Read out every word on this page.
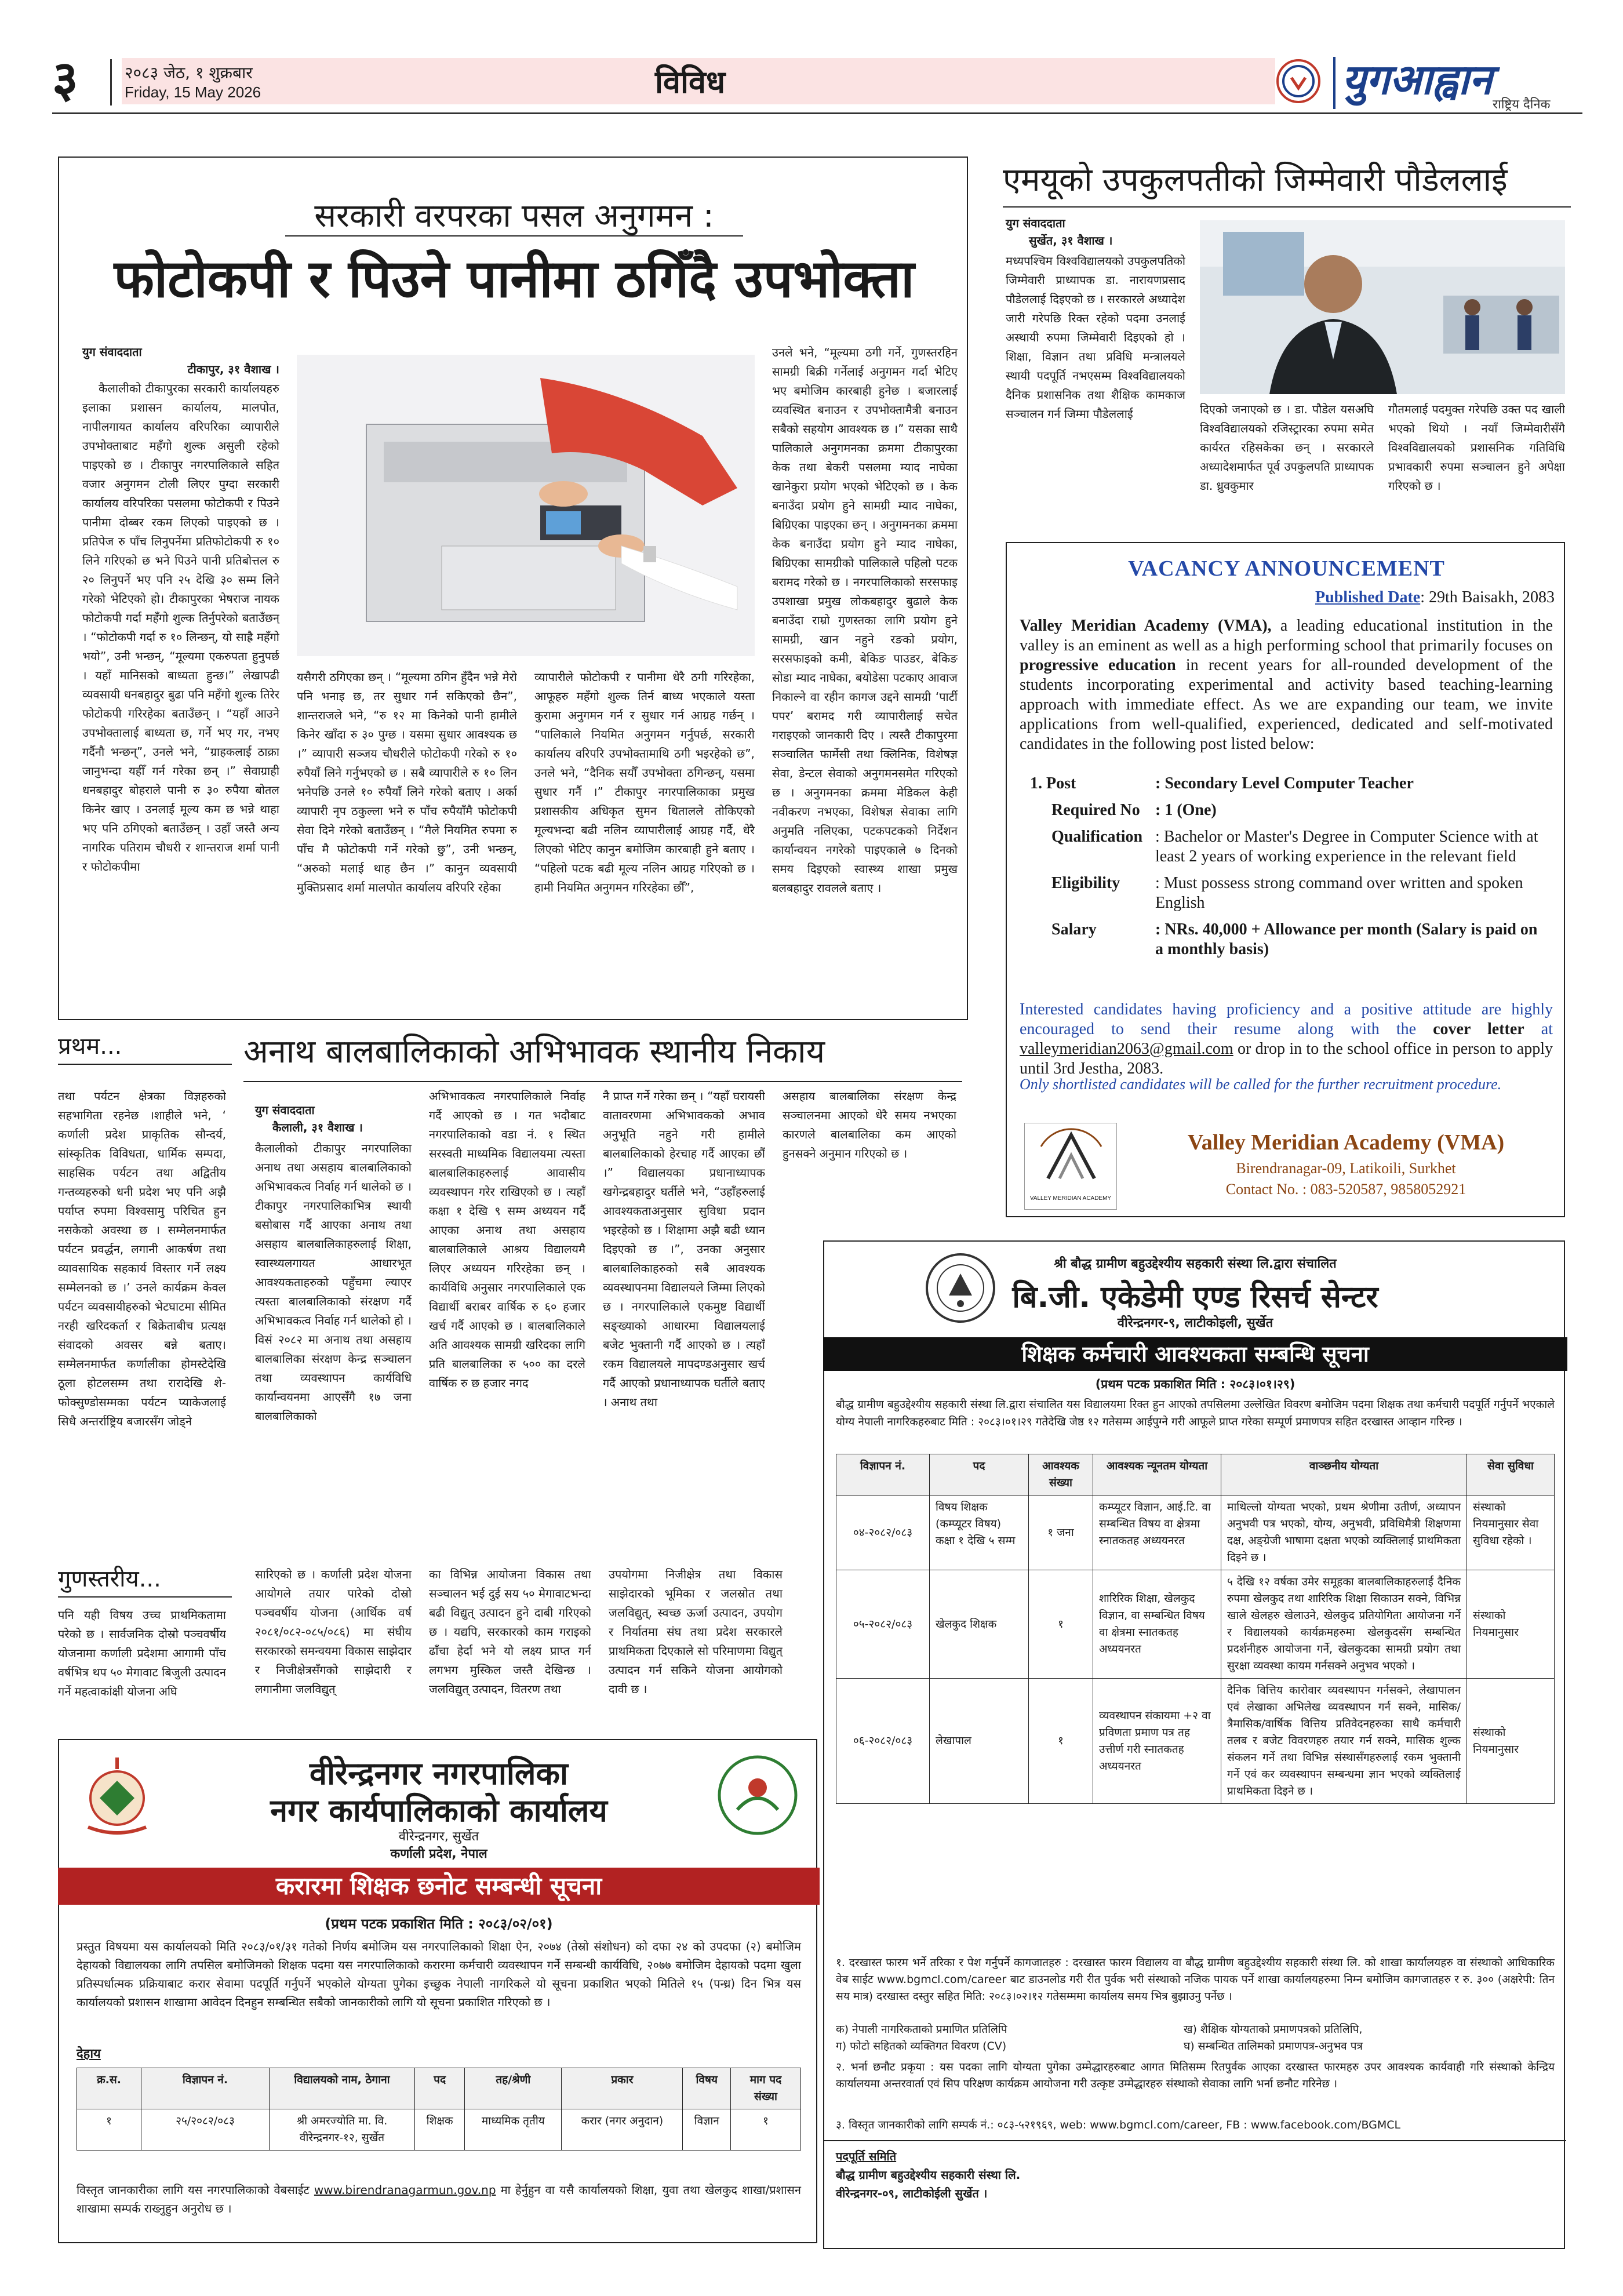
३	२०८३ जेठ, १ शुक्रबार
Friday, 15 May 2026	विविध	युगआह्वान
राष्ट्रिय दैनिक
सरकारी वरपरका पसल अनुगमन :
फोटोकपी र पिउने पानीमा ठगिँदै उपभोक्ता
युग संवाददाता
टीकापुर, ३१ वैशाख ।
कैलालीको टीकापुरका सरकारी कार्यालयहरु इलाका प्रशासन कार्यालय, मालपोत, नापीलगायत कार्यालय वरिपरिका व्यापारीले उपभोक्ताबाट महँगो शुल्क असुली रहेको पाइएको छ । टीकापुर नगरपालिकाले सहित वजार अनुगमन टोली लिएर पुग्दा सरकारी कार्यालय वरिपरिका पसलमा फोटोकपी र पिउने पानीमा दोब्बर रकम लिएको पाइएको छ । प्रतिपेज रु पाँच लिनुपर्नेमा प्रतिफोटोकपी रु १० लिने गरिएको छ भने पिउने पानी प्रतिबोत्तल रु २० लिनुपर्ने भए पनि २५ देखि ३० सम्म लिने गरेको भेटिएको हो। टीकापुरका भेषराज नायक फोटोकपी गर्दा महँगो शुल्क तिर्नुपरेको बताउँछन् । “फोटोकपी गर्दा रु १० लिन्छन्, यो साह्रै महँगो भयो”, उनी भन्छन्, “मूल्यमा एकरुपता हुनुपर्छ । यहाँ मानिसको बाध्यता हुन्छ।” लेखापढी व्यवसायी धनबहादुर बुढा पनि महँगो शुल्क तिरेर फोटोकपी गरिरहेका बताउँछन् । “यहाँ आउने उपभोक्तालाई बाध्यता छ, गर्ने भए गर, नभए गर्दैनौ भन्छन्”, उनले भने, “ग्राहकलाई ठाक्रा जानुभन्दा यहीँ गर्न गरेका छन् ।” सेवाग्राही धनबहादुर बोहराले पानी रु ३० रुपैया बोतल किनेर खाए । उनलाई मूल्य कम छ भन्ने थाहा भए पनि ठगिएको बताउँछन् । उहाँ जस्तै अन्य नागरिक पतिराम चौधरी र शान्तराज शर्मा पानी र फोटोकपीमा
यसैगरी ठगिएका छन् । “मूल्यमा ठगिन हुँदैन भन्ने मेरो पनि भनाइ छ, तर सुधार गर्न सकिएको छैन”, शान्तराजले भने, “रु १२ मा किनेको पानी हामीले किनेर खाँदा रु ३० पुग्छ । यसमा सुधार आवश्यक छ ।” व्यापारी सञ्जय चौधरीले फोटोकपी गरेको रु १० रुपैयाँ लिने गर्नुभएको छ । सबै व्यापारीले रु १० लिन भनेपछि उनले १० रुपैयाँ लिने गरेको बताए । अर्का व्यापारी नृप ठकुल्ला भने रु पाँच रुपैयाँमै फोटोकपी सेवा दिने गरेको बताउँछन् । “मैले नियमित रुपमा रु पाँच मै फोटोकपी गर्ने गरेको छु”, उनी भन्छन्, “अरुको मलाई थाह छैन ।” कानुन व्यवसायी मुक्तिप्रसाद शर्मा मालपोत कार्यालय वरिपरि रहेका
व्यापारीले फोटोकपी र पानीमा धेरै ठगी गरिरहेका, आफूहरु महँगो शुल्क तिर्न बाध्य भएकाले यस्ता कुरामा अनुगमन गर्न र सुधार गर्न आग्रह गर्छन् । “पालिकाले नियमित अनुगमन गर्नुपर्छ, सरकारी कार्यालय वरिपरि उपभोक्तामाथि ठगी भइरहेको छ”, उनले भने, “दैनिक सयौँ उपभोक्ता ठगिन्छन्, यसमा सुधार गर्नै ।” टीकापुर नगरपालिकाका प्रमुख प्रशासकीय अधिकृत सुमन धितालले तोकिएको मूल्यभन्दा बढी नलिन व्यापारीलाई आग्रह गर्दै, धेरै लिएको भेटिए कानुन बमोजिम कारबाही हुने बताए । “पहिलो पटक बढी मूल्य नलिन आग्रह गरिएको छ । हामी नियमित अनुगमन गरिरहेका छौँ”,
उनले भने, “मूल्यमा ठगी गर्ने, गुणस्तरहिन सामग्री बिक्री गर्नेलाई अनुगमन गर्दा भेटिए भए बमोजिम कारबाही हुनेछ । बजारलाई व्यवस्थित बनाउन र उपभोक्तामैत्री बनाउन सबैको सहयोग आवश्यक छ ।” यसका साथै पालिकाले अनुगमनका क्रममा टीकापुरका केक तथा बेकरी पसलमा म्याद नाघेका खानेकुरा प्रयोग भएको भेटिएको छ । केक बनाउँदा प्रयोग हुने सामग्री म्याद नाघेका, बिग्रिएका पाइएका छन् । अनुगमनका क्रममा केक बनाउँदा प्रयोग हुने म्याद नाघेका, बिग्रिएका सामग्रीको पालिकाले पहिलो पटक बरामद गरेको छ । नगरपालिकाको सरसफाइ उपशाखा प्रमुख लोकबहादुर बुढाले केक बनाउँदा राम्रो गुणस्तका लागि प्रयोग हुने सामग्री, खान नहुने रङको प्रयोग, सरसफाइको कमी, बेकिङ पाउडर, बेकिङ सोडा म्याद नाघेका, बयोडेसा पटकाए आवाज निकाल्ने वा रहीन कागज उद्दने सामग्री ‘पार्टी पपर’ बरामद गरी व्यापारीलाई सचेत गराइएको जानकारी दिए । त्यस्तै टीकापुरमा सञ्चालित फार्मेसी तथा क्लिनिक, विशेषज्ञ सेवा, डेन्टल सेवाको अनुगमनसमेत गरिएको छ । अनुगमनका क्रममा मेडिकल केही नवीकरण नभएका, विशेषज्ञ सेवाका लागि अनुमति नलिएका, पटकपटकको निर्देशन कार्यान्वयन नगरेको पाइएकाले ७ दिनको समय दिइएको स्वास्थ्य शाखा प्रमुख बलबहादुर रावलले बताए ।
एमयूको उपकुलपतीको जिम्मेवारी पौडेललाई
युग संवाददाता
सुर्खेत, ३१ वैशाख ।
मध्यपश्चिम विश्वविद्यालयको उपकुलपतिको जिम्मेवारी प्राध्यापक डा. नारायणप्रसाद पौडेललाई दिइएको छ । सरकारले अध्यादेश जारी गरेपछि रिक्त रहेको पदमा उनलाई अस्थायी रुपमा जिम्मेवारी दिइएको हो । शिक्षा, विज्ञान तथा प्रविधि मन्त्रालयले स्थायी पदपूर्ति नभएसम्म विश्वविद्यालयको दैनिक प्रशासनिक तथा शैक्षिक कामकाज सञ्चालन गर्न जिम्मा पौडेललाई	दिएको जनाएको छ । डा. पौडेल यसअघि विश्वविद्यालयको रजिस्ट्रारका रुपमा समेत कार्यरत रहिसकेका छन् । सरकारले अध्यादेशमार्फत पूर्व उपकुलपति प्राध्यापक डा. ध्रुवकुमार
गौतमलाई पदमुक्त गरेपछि उक्त पद खाली भएको थियो । नयाँ जिम्मेवारीसँगै विश्वविद्यालयको प्रशासनिक गतिविधि प्रभावकारी रुपमा सञ्चालन हुने अपेक्षा गरिएको छ ।
VACANCY ANNOUNCEMENT
Published Date: 29th Baisakh, 2083
Valley Meridian Academy (VMA), a leading educational institution in the valley is an eminent as well as a high performing school that primarily focuses on progressive education in recent years for all-rounded development of the students incorporating experimental and activity based teaching-learning approach with immediate effect. As we are expanding our team, we invite applications from well-qualified, experienced, dedicated and self-motivated candidates in the following post listed below:
1. Post	: Secondary Level Computer Teacher
Required No	: 1 (One)
Qualification	: Bachelor or Master's Degree in Computer Science with at least 2 years of working experience in the relevant field
Eligibility	: Must possess strong command over written and spoken English
Salary	: NRs. 40,000 + Allowance per month (Salary is paid on a monthly basis)
Interested candidates having proficiency and a positive attitude are highly encouraged to send their resume along with the cover letter at valleymeridian2063@gmail.com or drop in to the school office in person to apply until 3rd Jestha, 2083.
Only shortlisted candidates will be called for the further recruitment procedure.
VALLEY MERIDIAN ACADEMY
Valley Meridian Academy (VMA)
Birendranagar-09, Latikoili, Surkhet
Contact No. : 083-520587, 9858052921
अनाथ बालबालिकाको अभिभावक स्थानीय निकाय
युग संवाददाता
कैलाली, ३१ वैशाख ।
कैलालीको टीकापुर नगरपालिका अनाथ तथा असहाय बालबालिकाको अभिभावकत्व निर्वाह गर्न थालेको छ । टीकापुर नगरपालिकाभित्र स्थायी बसोबास गर्दै आएका अनाथ तथा असहाय बालबालिकाहरुलाई शिक्षा, स्वास्थ्यलगायत आधारभूत आवश्यकताहरुको पहुँचमा ल्याएर त्यस्ता बालबालिकाको संरक्षण गर्दै अभिभावकत्व निर्वाह गर्न थालेको हो । विसं २०८२ मा अनाथ तथा असहाय बालबालिका संरक्षण केन्द्र सञ्चालन तथा व्यवस्थापन कार्यविधि कार्यान्वयनमा आएसँगै १७ जना बालबालिकाको
अभिभावकत्व नगरपालिकाले निर्वाह गर्दै आएको छ । गत भदौबाट नगरपालिकाको वडा नं. १ स्थित सरस्वती माध्यमिक विद्यालयमा त्यस्ता बालबालिकाहरुलाई आवासीय व्यवस्थापन गरेर राखिएको छ । त्यहाँ कक्षा १ देखि ९ सम्म अध्ययन गर्दै आएका अनाथ तथा असहाय बालबालिकाले आश्रय विद्यालयमै लिएर अध्ययन गरिरहेका छन् । कार्यविधि अनुसार नगरपालिकाले एक विद्यार्थी बराबर वार्षिक रु ६० हजार खर्च गर्दै आएको छ । बालबालिकाले अति आवश्यक सामग्री खरिदका लागि प्रति बालबालिका रु ५०० का दरले वार्षिक रु छ हजार नगद
नै प्राप्त गर्ने गरेका छन् । “यहाँ घरायसी वातावरणमा अभिभावकको अभाव अनुभूति नहुने गरी हामीले बालबालिकाको हेरचाह गर्दै आएका छौँ ।” विद्यालयका प्रधानाध्यापक खगेन्द्रबहादुर घर्तीले भने, “उहाँहरुलाई आवश्यकताअनुसार सुविधा प्रदान भइरहेको छ । शिक्षामा अझै बढी ध्यान दिइएको छ ।”, उनका अनुसार बालबालिकाहरुको सबै आवश्यक व्यवस्थापनमा विद्यालयले जिम्मा लिएको छ । नगरपालिकाले एकमुष्ट विद्यार्थी सङ्ख्याको आधारमा विद्यालयलाई बजेट भुक्तानी गर्दै आएको छ । त्यहाँ रकम विद्यालयले मापदण्डअनुसार खर्च गर्दै आएको प्रधानाध्यापक घर्तीले बताए । अनाथ तथा
असहाय बालबालिका संरक्षण केन्द्र सञ्चालनमा आएको धेरै समय नभएका कारणले बालबालिका कम आएको हुनसक्ने अनुमान गरिएको छ ।
प्रथम...
तथा पर्यटन क्षेत्रका विज्ञहरुको सहभागिता रहनेछ ।शाहीले भने, ‘ कर्णाली प्रदेश प्राकृतिक सौन्दर्य, सांस्कृतिक विविधता, धार्मिक सम्पदा, साहसिक पर्यटन तथा अद्वितीय गन्तव्यहरुको धनी प्रदेश भए पनि अझै पर्याप्त रुपमा विश्वसामु परिचित हुन नसकेको अवस्था छ । सम्मेलनमार्फत पर्यटन प्रवर्द्धन, लगानी आकर्षण तथा व्यावसायिक सहकार्य विस्तार गर्ने लक्ष्य सम्मेलनको छ ।’ उनले कार्यक्रम केवल पर्यटन व्यवसायीहरुको भेटघाटमा सीमित नरही खरिदकर्ता र बिक्रेताबीच प्रत्यक्ष संवादको अवसर बन्ने बताए। सम्मेलनमार्फत कर्णालीका होमस्टेदेखि ठूला होटलसम्म तथा रारादेखि शे-फोक्सुण्डोसम्मका पर्यटन प्याकेजलाई सिधै अन्तर्राष्ट्रिय बजारसँग जोड्ने
गुणस्तरीय...
पनि यही विषय उच्च प्राथमिकतामा परेको छ । सार्वजनिक दोस्रो पञ्चवर्षीय योजनामा कर्णाली प्रदेशमा आगामी पाँच वर्षभित्र थप ५० मेगावाट बिजुली उत्पादन गर्ने महत्वाकांक्षी योजना अघि
सारिएको छ । कर्णाली प्रदेश योजना आयोगले तयार पारेको दोस्रो पञ्चवर्षीय योजना (आर्थिक वर्ष २०८१/०८२-०८५/०८६) मा संघीय सरकारको समन्वयमा विकास साझेदार र निजीक्षेत्रसँगको साझेदारी र लगानीमा जलविद्युत्
का विभिन्न आयोजना विकास तथा सञ्चालन भई दुई सय ५० मेगावाटभन्दा बढी विद्युत् उत्पादन हुने दाबी गरिएको छ । यद्यपि, सरकारको काम गराइको ढाँचा हेर्दा भने यो लक्ष्य प्राप्त गर्न लगभग मुस्किल जस्तै देखिन्छ । जलविद्युत् उत्पादन, वितरण तथा
उपयोगमा निजीक्षेत्र तथा विकास साझेदारको भूमिका र जलस्रोत तथा जलविद्युत्, स्वच्छ ऊर्जा उत्पादन, उपयोग र निर्यातमा संघ तथा प्रदेश सरकारले प्राथमिकता दिएकाले सो परिमाणमा विद्युत् उत्पादन गर्न सकिने योजना आयोगको दावी छ ।
वीरेन्द्रनगर नगरपालिका
नगर कार्यपालिकाको कार्यालय
वीरेन्द्रनगर, सुर्खेत
कर्णाली प्रदेश, नेपाल
करारमा शिक्षक छनोट सम्बन्धी सूचना
(प्रथम पटक प्रकाशित मिति : २०८३/०२/०१)
प्रस्तुत विषयमा यस कार्यालयको मिति २०८३/०१/३१ गतेको निर्णय बमोजिम यस नगरपालिकाको शिक्षा ऐन, २०७४ (तेस्रो संशोधन) को दफा २४ को उपदफा (२) बमोजिम देहायको विद्यालयका लागि तपसिल बमोजिमको शिक्षक पदमा यस नगरपालिकाको करारमा कर्मचारी व्यवस्थापन गर्ने सम्बन्धी कार्यविधि, २०७७ बमोजिम देहायको पदमा खुला प्रतिस्पर्धात्मक प्रक्रियाबाट करार सेवामा पदपूर्ति गर्नुपर्ने भएकोले योग्यता पुगेका इच्छुक नेपाली नागरिकले यो सूचना प्रकाशित भएको मितिले १५ (पन्ध्र) दिन भित्र यस कार्यालयको प्रशासन शाखामा आवेदन दिनहुन सम्बन्धित सबैको जानकारीको लागि यो सूचना प्रकाशित गरिएको छ ।
देहाय
क्र.स.	विज्ञापन नं.	विद्यालयको नाम, ठेगाना	पद	तह/श्रेणी	प्रकार	विषय	माग पद संख्या
१	२५/२०८२/०८३	श्री अमरज्योति मा. वि. वीरेन्द्रनगर-१२, सुर्खेत	शिक्षक	माध्यमिक तृतीय	करार (नगर अनुदान)	विज्ञान	१
विस्तृत जानकारीका लागि यस नगरपालिकाको वेबसाईट www.birendranagarmun.gov.np मा हेर्नुहुन वा यसै कार्यालयको शिक्षा, युवा तथा खेलकुद शाखा/प्रशासन शाखामा सम्पर्क राख्नुहुन अनुरोध छ ।
श्री बौद्ध ग्रामीण बहुउद्देश्यीय सहकारी संस्था लि.द्वारा संचालित
बि.जी. एकेडेमी एण्ड रिसर्च सेन्टर
वीरेन्द्रनगर-९, लाटीकोइली, सुर्खेत
शिक्षक कर्मचारी आवश्यकता सम्बन्धि सूचना
(प्रथम पटक प्रकाशित मिति : २०८३।०१।२९)
बौद्ध ग्रामीण बहुउद्देश्यीय सहकारी संस्था लि.द्वारा संचालित यस विद्यालयमा रिक्त हुन आएको तपसिलमा उल्लेखित विवरण बमोजिम पदमा शिक्षक तथा कर्मचारी पदपूर्ति गर्नुपर्ने भएकाले योग्य नेपाली नागरिकहरुबाट मिति : २०८३।०१।२९ गतेदेखि जेष्ठ १२ गतेसम्म आईपुग्ने गरी आफूले प्राप्त गरेका सम्पूर्ण प्रमाणपत्र सहित दरखास्त आव्हान गरिन्छ ।
विज्ञापन नं.	पद	आवश्यक संख्या	आवश्यक न्यूनतम योग्यता	वाञ्छनीय योग्यता	सेवा सुविधा
०४-२०८२/०८३	विषय शिक्षक (कम्प्यूटर विषय) कक्षा १ देखि ५ सम्म	१ जना	कम्प्यूटर विज्ञान, आई.टि. वा सम्बन्धित विषय वा क्षेत्रमा स्नातकतह अध्ययनरत	माथिल्लो योग्यता भएको, प्रथम श्रेणीमा उतीर्ण, अध्यापन अनुभवी पत्र भएको, योग्य, अनुभवी, प्रविधिमैत्री शिक्षणमा दक्ष, अङ्ग्रेजी भाषामा दक्षता भएको व्यक्तिलाई प्राथमिकता दिइने छ ।	संस्थाको नियमानुसार सेवा सुविधा रहेको ।
०५-२०८२/०८३	खेलकुद शिक्षक	१	शारिरिक शिक्षा, खेलकुद विज्ञान, वा सम्बन्धित विषय वा क्षेत्रमा स्नातकतह अध्ययनरत	५ देखि १२ वर्षका उमेर समूहका बालबालिकाहरुलाई दैनिक रुपमा खेलकुद तथा शारिरिक शिक्षा सिकाउन सक्ने, विभिन्न खाले खेलहरु खेलाउने, खेलकुद प्रतियोगिता आयोजना गर्ने र विद्यालयको कार्यक्रमहरुमा खेलकुदसँग सम्बन्धित प्रदर्शनीहरु आयोजना गर्ने, खेलकुदका सामग्री प्रयोग तथा सुरक्षा व्यवस्था कायम गर्नसक्ने अनुभव भएको ।	संस्थाको नियमानुसार
०६-२०८२/०८३	लेखापाल	१	व्यवस्थापन संकायमा +२ वा प्रविणता प्रमाण पत्र तह उत्तीर्ण गरी स्नातकतह अध्ययनरत	दैनिक वित्तिय कारोवार व्यवस्थापन गर्नसक्ने, लेखापालन एवं लेखाका अभिलेख व्यवस्थापन गर्न सक्ने, मासिक/त्रैमासिक/वार्षिक वित्तिय प्रतिवेदनहरुका साथै कर्मचारी तलब र बजेट विवरणहरु तयार गर्न सक्ने, मासिक शुल्क संकलन गर्ने तथा विभिन्न संस्थासँगहरुलाई रकम भुक्तानी गर्ने एवं कर व्यवस्थापन सम्बन्धमा ज्ञान भएको व्यक्तिलाई प्राथमिकता दिइने छ ।	संस्थाको नियमानुसार
१. दरखास्त फारम भर्ने तरिका र पेश गर्नुपर्ने कागजातहरु : दरखास्त फारम विद्यालय वा बौद्ध ग्रामीण बहुउद्देश्यीय सहकारी संस्था लि. को शाखा कार्यालयहरु वा संस्थाको आधिकारिक वेब साईट www.bgmcl.com/career बाट डाउनलोड गरी रीत पुर्वक भरी संस्थाको नजिक पायक पर्ने शाखा कार्यालयहरुमा निम्न बमोजिम कागजातहरु र रु. ३०० (अक्षरेपी: तिन सय मात्र) दरखास्त दस्तुर सहित मिति: २०८३।०२।१२ गतेसम्ममा कार्यालय समय भित्र बुझाउनु पर्नेछ ।
क) नेपाली नागरिकताको प्रमाणित प्रतिलिपि	ख) शैक्षिक योग्यताको प्रमाणपत्रको प्रतिलिपि, ग) फोटो सहितको व्यक्तिगत विवरण (CV)	घ) सम्बन्धित तालिमको प्रमाणपत्र-अनुभव पत्र
२. भर्ना छनौट प्रकृया : यस पदका लागि योग्यता पुगेका उम्मेद्धारहरुबाट आगत मितिसम्म रितपुर्वक आएका दरखास्त फारमहरु उपर आवश्यक कार्यवाही गरि संस्थाको केन्द्रिय कार्यालयमा अन्तरवार्ता एवं सिप परिक्षण कार्यक्रम आयोजना गरी उत्कृष्ट उम्मेद्धारहरु संस्थाको सेवाका लागि भर्ना छनौट गरिनेछ ।
३. विस्तृत जानकारीको लागि सम्पर्क नं.: ०८३-५२१९६९, web: www.bgmcl.com/career, FB : www.facebook.com/BGMCL
पदपूर्ति समिति
बौद्ध ग्रामीण बहुउद्देश्यीय सहकारी संस्था लि.
वीरेन्द्रनगर-०९, लाटीकोईली सुर्खेत ।
